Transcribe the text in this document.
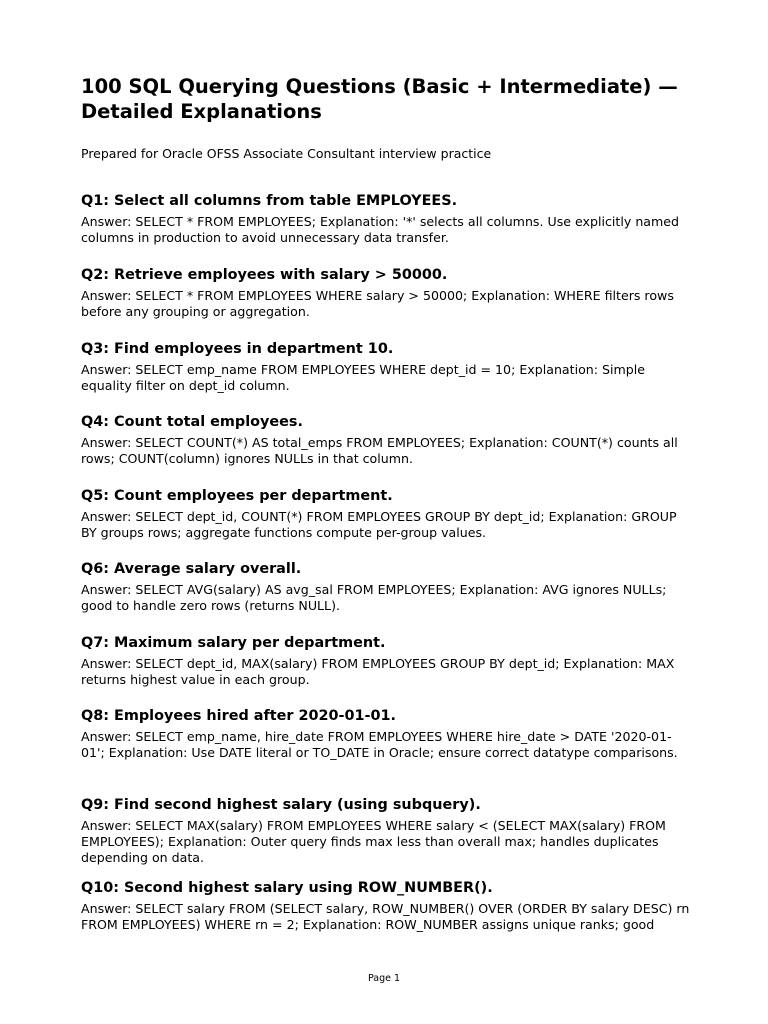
100 SQL Querying Questions (Basic + Intermediate) — Detailed Explanations

Prepared for Oracle OFSS Associate Consultant interview practice

Q1: Select all columns from table EMPLOYEES.

Answer: SELECT * FROM EMPLOYEES; Explanation: '*' selects all columns. Use explicitly named columns in production to avoid unnecessary data transfer.

Q2: Retrieve employees with salary > 50000.

Answer: SELECT * FROM EMPLOYEES WHERE salary > 50000; Explanation: WHERE filters rows before any grouping or aggregation.

Q3: Find employees in department 10.

Answer: SELECT emp_name FROM EMPLOYEES WHERE dept_id = 10; Explanation: Simple equality filter on dept_id column.

Q4: Count total employees.

Answer: SELECT COUNT(*) AS total_emps FROM EMPLOYEES; Explanation: COUNT(*) counts all rows; COUNT(column) ignores NULLs in that column.

Q5: Count employees per department.

Answer: SELECT dept_id, COUNT(*) FROM EMPLOYEES GROUP BY dept_id; Explanation: GROUP BY groups rows; aggregate functions compute per-group values.

Q6: Average salary overall.

Answer: SELECT AVG(salary) AS avg_sal FROM EMPLOYEES; Explanation: AVG ignores NULLs; good to handle zero rows (returns NULL).

Q7: Maximum salary per department.

Answer: SELECT dept_id, MAX(salary) FROM EMPLOYEES GROUP BY dept_id; Explanation: MAX returns highest value in each group.

Q8: Employees hired after 2020-01-01.

Answer: SELECT emp_name, hire_date FROM EMPLOYEES WHERE hire_date > DATE '2020-01-01'; Explanation: Use DATE literal or TO_DATE in Oracle; ensure correct datatype comparisons.

Q9: Find second highest salary (using subquery).

Answer: SELECT MAX(salary) FROM EMPLOYEES WHERE salary < (SELECT MAX(salary) FROM EMPLOYEES); Explanation: Outer query finds max less than overall max; handles duplicates depending on data.

Q10: Second highest salary using ROW_NUMBER().

Answer: SELECT salary FROM (SELECT salary, ROW_NUMBER() OVER (ORDER BY salary DESC) rn FROM EMPLOYEES) WHERE rn = 2; Explanation: ROW_NUMBER assigns unique ranks; good

Page 1
